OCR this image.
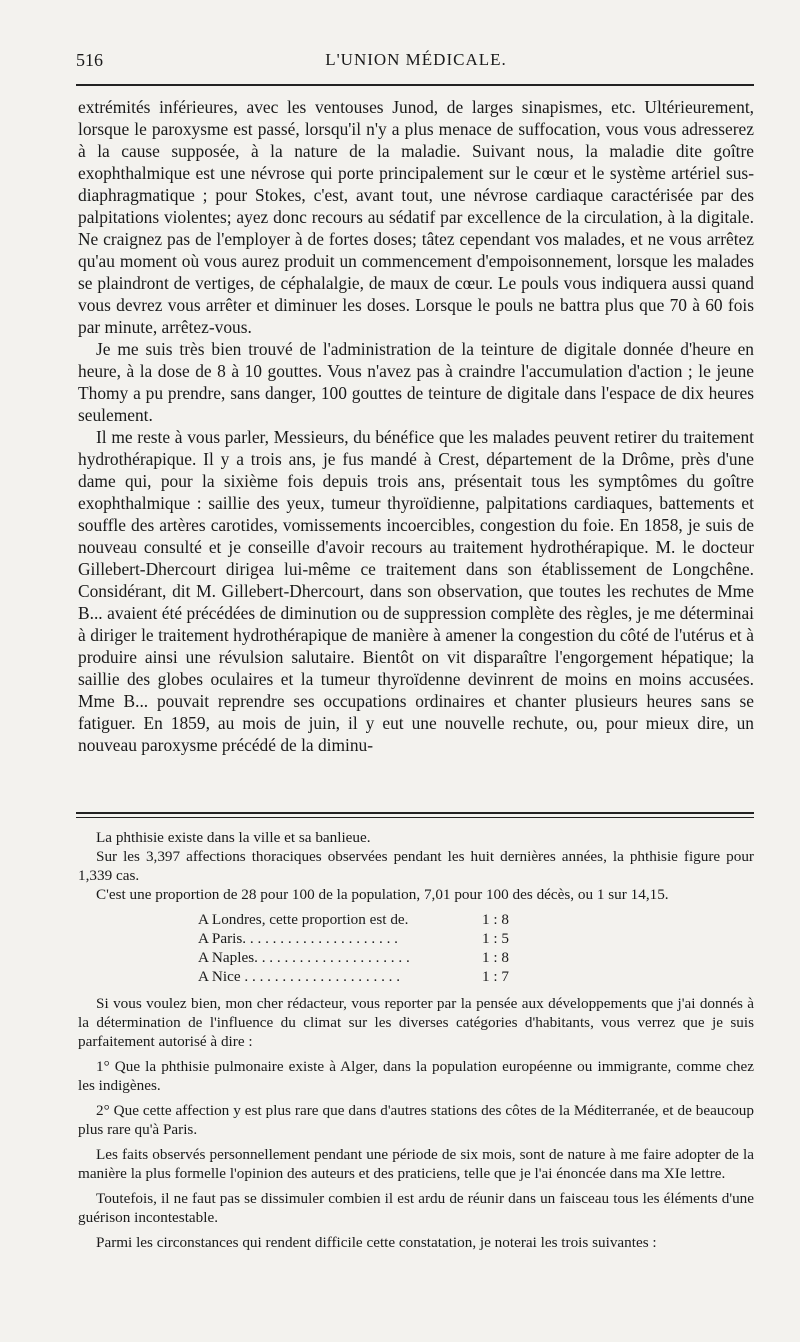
516	L'UNION MÉDICALE.

extrémités inférieures, avec les ventouses Junod, de larges sinapismes, etc. Ultérieurement, lorsque le paroxysme est passé, lorsqu'il n'y a plus menace de suffocation, vous vous adresserez à la cause supposée, à la nature de la maladie. Suivant nous, la maladie dite goître exophthalmique est une névrose qui porte principalement sur le cœur et le système artériel sus-diaphragmatique ; pour Stokes, c'est, avant tout, une névrose cardiaque caractérisée par des palpitations violentes; ayez donc recours au sédatif par excellence de la circulation, à la digitale. Ne craignez pas de l'employer à de fortes doses; tâtez cependant vos malades, et ne vous arrêtez qu'au moment où vous aurez produit un commencement d'empoisonnement, lorsque les malades se plaindront de vertiges, de céphalalgie, de maux de cœur. Le pouls vous indiquera aussi quand vous devrez vous arrêter et diminuer les doses. Lorsque le pouls ne battra plus que 70 à 60 fois par minute, arrêtez-vous.

Je me suis très bien trouvé de l'administration de la teinture de digitale donnée d'heure en heure, à la dose de 8 à 10 gouttes. Vous n'avez pas à craindre l'accumulation d'action ; le jeune Thomy a pu prendre, sans danger, 100 gouttes de teinture de digitale dans l'espace de dix heures seulement.

Il me reste à vous parler, Messieurs, du bénéfice que les malades peuvent retirer du traitement hydrothérapique. Il y a trois ans, je fus mandé à Crest, département de la Drôme, près d'une dame qui, pour la sixième fois depuis trois ans, présentait tous les symptômes du goître exophthalmique : saillie des yeux, tumeur thyroïdienne, palpitations cardiaques, battements et souffle des artères carotides, vomissements incoercibles, congestion du foie. En 1858, je suis de nouveau consulté et je conseille d'avoir recours au traitement hydrothérapique. M. le docteur Gillebert-Dhercourt dirigea lui-même ce traitement dans son établissement de Longchêne. Considérant, dit M. Gillebert-Dhercourt, dans son observation, que toutes les rechutes de Mme B... avaient été précédées de diminution ou de suppression complète des règles, je me déterminai à diriger le traitement hydrothérapique de manière à amener la congestion du côté de l'utérus et à produire ainsi une révulsion salutaire. Bientôt on vit disparaître l'engorgement hépatique; la saillie des globes oculaires et la tumeur thyroïdenne devinrent de moins en moins accusées. Mme B... pouvait reprendre ses occupations ordinaires et chanter plusieurs heures sans se fatiguer. En 1859, au mois de juin, il y eut une nouvelle rechute, ou, pour mieux dire, un nouveau paroxysme précédé de la diminu-

La phthisie existe dans la ville et sa banlieue.

Sur les 3,397 affections thoraciques observées pendant les huit dernières années, la phthisie figure pour 1,339 cas.

C'est une proportion de 28 pour 100 de la population, 7,01 pour 100 des décès, ou 1 sur 14,15.

A Londres, cette proportion est de.	1 : 8
A Paris. . . . . . . . . . . . . . . . . . . . .	1 : 5
A Naples. . . . . . . . . . . . . . . . . . . . .	1 : 8
A Nice . . . . . . . . . . . . . . . . . . . . .	1 : 7

Si vous voulez bien, mon cher rédacteur, vous reporter par la pensée aux développements que j'ai donnés à la détermination de l'influence du climat sur les diverses catégories d'habitants, vous verrez que je suis parfaitement autorisé à dire :

1° Que la phthisie pulmonaire existe à Alger, dans la population européenne ou immigrante, comme chez les indigènes.

2° Que cette affection y est plus rare que dans d'autres stations des côtes de la Méditerranée, et de beaucoup plus rare qu'à Paris.

Les faits observés personnellement pendant une période de six mois, sont de nature à me faire adopter de la manière la plus formelle l'opinion des auteurs et des praticiens, telle que je l'ai énoncée dans ma XIe lettre.

Toutefois, il ne faut pas se dissimuler combien il est ardu de réunir dans un faisceau tous les éléments d'une guérison incontestable.

Parmi les circonstances qui rendent difficile cette constatation, je noterai les trois suivantes :
